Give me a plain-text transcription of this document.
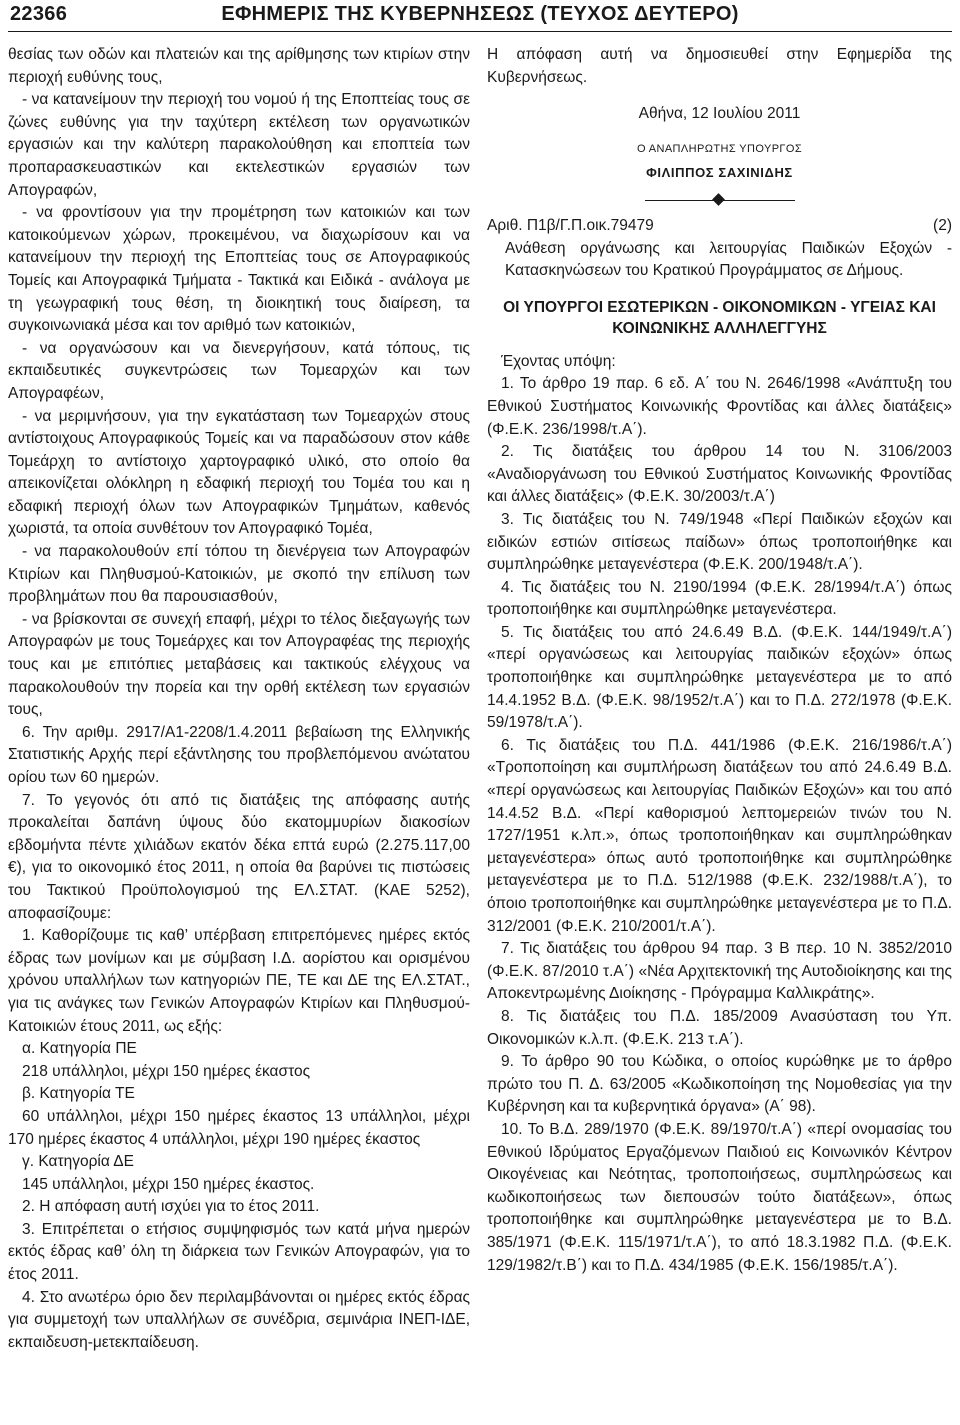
22366	ΕΦΗΜΕΡΙΣ ΤΗΣ ΚΥΒΕΡΝΗΣΕΩΣ (ΤΕΥΧΟΣ ΔΕΥΤΕΡΟ)

θεσίας των οδών και πλατειών και της αρίθμησης των κτιρίων στην περιοχή ευθύνης τους,

- να κατανείμουν την περιοχή του νομού ή της Εποπτείας τους σε ζώνες ευθύνης για την ταχύτερη εκτέλεση των οργανωτικών εργασιών και την καλύτερη παρακολούθηση και εποπτεία των προπαρασκευαστικών και εκτελεστικών εργασιών των Απογραφών,

- να φροντίσουν για την προμέτρηση των κατοικιών και των κατοικούμενων χώρων, προκειμένου, να διαχωρίσουν και να κατανείμουν την περιοχή της Εποπτείας τους σε Απογραφικούς Τομείς και Απογραφικά Τμήματα - Τακτικά και Ειδικά - ανάλογα με τη γεωγραφική τους θέση, τη διοικητική τους διαίρεση, τα συγκοινωνιακά μέσα και τον αριθμό των κατοικιών,

- να οργανώσουν και να διενεργήσουν, κατά τόπους, τις εκπαιδευτικές συγκεντρώσεις των Τομεαρχών και των Απογραφέων,

- να μεριμνήσουν, για την εγκατάσταση των Τομεαρχών στους αντίστοιχους Απογραφικούς Τομείς και να παραδώσουν στον κάθε Τομεάρχη το αντίστοιχο χαρτογραφικό υλικό, στο οποίο θα απεικονίζεται ολόκληρη η εδαφική περιοχή του Τομέα του και η εδαφική περιοχή όλων των Απογραφικών Τμημάτων, καθενός χωριστά, τα οποία συνθέτουν τον Απογραφικό Τομέα,

- να παρακολουθούν επί τόπου τη διενέργεια των Απογραφών Κτιρίων και Πληθυσμού-Κατοικιών, με σκοπό την επίλυση των προβλημάτων που θα παρουσιασθούν,

- να βρίσκονται σε συνεχή επαφή, μέχρι το τέλος διεξαγωγής των Απογραφών με τους Τομεάρχες και τον Απογραφέας της περιοχής τους και με επιτόπιες μεταβάσεις και τακτικούς ελέγχους να παρακολουθούν την πορεία και την ορθή εκτέλεση των εργασιών τους,

6. Την αριθμ. 2917/Α1-2208/1.4.2011 βεβαίωση της Ελληνικής Στατιστικής Αρχής περί εξάντλησης του προβλεπόμενου ανώτατου ορίου των 60 ημερών.

7. Το γεγονός ότι από τις διατάξεις της απόφασης αυτής προκαλείται δαπάνη ύψους δύο εκατομμυρίων διακοσίων εβδομήντα πέντε χιλιάδων εκατόν δέκα επτά ευρώ (2.275.117,00 €), για το οικονομικό έτος 2011, η οποία θα βαρύνει τις πιστώσεις του Τακτικού Προϋπολογισμού της ΕΛ.ΣΤΑΤ. (ΚΑΕ 5252), αποφασίζουμε:

1. Καθορίζουμε τις καθ’ υπέρβαση επιτρεπόμενες ημέρες εκτός έδρας των μονίμων και με σύμβαση Ι.Δ. αορίστου και ορισμένου χρόνου υπαλλήλων των κατηγοριών ΠΕ, ΤΕ και ΔΕ της ΕΛ.ΣΤΑΤ., για τις ανάγκες των Γενικών Απογραφών Κτιρίων και Πληθυσμού-Κατοικιών έτους 2011, ως εξής:

α. Κατηγορία ΠΕ

218 υπάλληλοι, μέχρι 150 ημέρες έκαστος

β. Κατηγορία ΤΕ

60 υπάλληλοι, μέχρι 150 ημέρες έκαστος 13 υπάλληλοι, μέχρι 170 ημέρες έκαστος 4 υπάλληλοι, μέχρι 190 ημέρες έκαστος

γ. Κατηγορία ΔΕ

145 υπάλληλοι, μέχρι 150 ημέρες έκαστος.

2. Η απόφαση αυτή ισχύει για το έτος 2011.

3. Επιτρέπεται ο ετήσιος συμψηφισμός των κατά μήνα ημερών εκτός έδρας καθ’ όλη τη διάρκεια των Γενικών Απογραφών, για το έτος 2011.

4. Στο ανωτέρω όριο δεν περιλαμβάνονται οι ημέρες εκτός έδρας για συμμετοχή των υπαλλήλων σε συνέδρια, σεμινάρια ΙΝΕΠ-ΙΔΕ, εκπαιδευση-μετεκπαίδευση.

Η απόφαση αυτή να δημοσιευθεί στην Εφημερίδα της Κυβερνήσεως.

Αθήνα, 12 Ιουλίου 2011

Ο ΑΝΑΠΛΗΡΩΤΗΣ ΥΠΟΥΡΓΟΣ

ΦΙΛΙΠΠΟΣ ΣΑΧΙΝΙΔΗΣ

Αριθ. Π1β/Γ.Π.οικ.79479	(2)

Ανάθεση οργάνωσης και λειτουργίας Παιδικών Εξοχών - Κατασκηνώσεων του Κρατικού Προγράμματος σε Δήμους.

ΟΙ ΥΠΟΥΡΓΟΙ ΕΣΩΤΕΡΙΚΩΝ - ΟΙΚΟΝΟΜΙΚΩΝ - ΥΓΕΙΑΣ ΚΑΙ ΚΟΙΝΩΝΙΚΗΣ ΑΛΛΗΛΕΓΓΥΗΣ

Έχοντας υπόψη:

1. Το άρθρο 19 παρ. 6 εδ. Α΄ του Ν. 2646/1998 «Ανάπτυξη του Εθνικού Συστήματος Κοινωνικής Φροντίδας και άλλες διατάξεις» (Φ.Ε.Κ. 236/1998/τ.Α΄).

2. Τις διατάξεις του άρθρου 14 του Ν. 3106/2003 «Αναδιοργάνωση του Εθνικού Συστήματος Κοινωνικής Φροντίδας και άλλες διατάξεις» (Φ.Ε.Κ. 30/2003/τ.Α΄)

3. Τις διατάξεις του Ν. 749/1948 «Περί Παιδικών εξοχών και ειδικών εστιών σιτίσεως παίδων» όπως τροποποιήθηκε και συμπληρώθηκε μεταγενέστερα (Φ.Ε.Κ. 200/1948/τ.Α΄).

4. Τις διατάξεις του Ν. 2190/1994 (Φ.Ε.Κ. 28/1994/τ.Α΄) όπως τροποποιήθηκε και συμπληρώθηκε μεταγενέστερα.

5. Τις διατάξεις του από 24.6.49 Β.Δ. (Φ.Ε.Κ. 144/1949/τ.Α΄) «περί οργανώσεως και λειτουργίας παιδικών εξοχών» όπως τροποποιήθηκε και συμπληρώθηκε μεταγενέστερα με το από 14.4.1952 Β.Δ. (Φ.Ε.Κ. 98/1952/τ.Α΄) και το Π.Δ. 272/1978 (Φ.Ε.Κ. 59/1978/τ.Α΄).

6. Τις διατάξεις του Π.Δ. 441/1986 (Φ.Ε.Κ. 216/1986/τ.Α΄) «Τροποποίηση και συμπλήρωση διατάξεων του από 24.6.49 Β.Δ. «περί οργανώσεως και λειτουργίας Παιδικών Εξοχών» και του από 14.4.52 Β.Δ. «Περί καθορισμού λεπτομερειών τινών του Ν. 1727/1951 κ.λπ.», όπως τροποποιήθηκαν και συμπληρώθηκαν μεταγενέστερα» όπως αυτό τροποποιήθηκε και συμπληρώθηκε μεταγενέστερα με το Π.Δ. 512/1988 (Φ.Ε.Κ. 232/1988/τ.Α΄), το όποιο τροποποιήθηκε και συμπληρώθηκε μεταγενέστερα με το Π.Δ. 312/2001 (Φ.Ε.Κ. 210/2001/τ.Α΄).

7. Τις διατάξεις του άρθρου 94 παρ. 3 Β περ. 10 Ν. 3852/2010 (Φ.Ε.Κ. 87/2010 τ.Α΄) «Νέα Αρχιτεκτονική της Αυτοδιοίκησης και της Αποκεντρωμένης Διοίκησης - Πρόγραμμα Καλλικράτης».

8. Τις διατάξεις του Π.Δ. 185/2009 Ανασύσταση του Υπ. Οικονομικών κ.λ.π. (Φ.Ε.Κ. 213 τ.Α΄).

9. Το άρθρο 90 του Κώδικα, ο οποίος κυρώθηκε με το άρθρο πρώτο του Π. Δ. 63/2005 «Κωδικοποίηση της Νομοθεσίας για την Κυβέρνηση και τα κυβερνητικά όργανα» (Α΄ 98).

10. Το Β.Δ. 289/1970 (Φ.Ε.Κ. 89/1970/τ.Α΄) «περί ονομασίας του Εθνικού Ιδρύματος Εργαζόμενων Παιδιού εις Κοινωνικόν Κέντρον Οικογένειας και Νεότητας, τροποποιήσεως, συμπληρώσεως και κωδικοποιήσεως των διεπουσών τούτο διατάξεων», όπως τροποποιήθηκε και συμπληρώθηκε μεταγενέστερα με το Β.Δ. 385/1971 (Φ.Ε.Κ. 115/1971/τ.Α΄), το από 18.3.1982 Π.Δ. (Φ.Ε.Κ. 129/1982/τ.Β΄) και το Π.Δ. 434/1985 (Φ.Ε.Κ. 156/1985/τ.Α΄).
